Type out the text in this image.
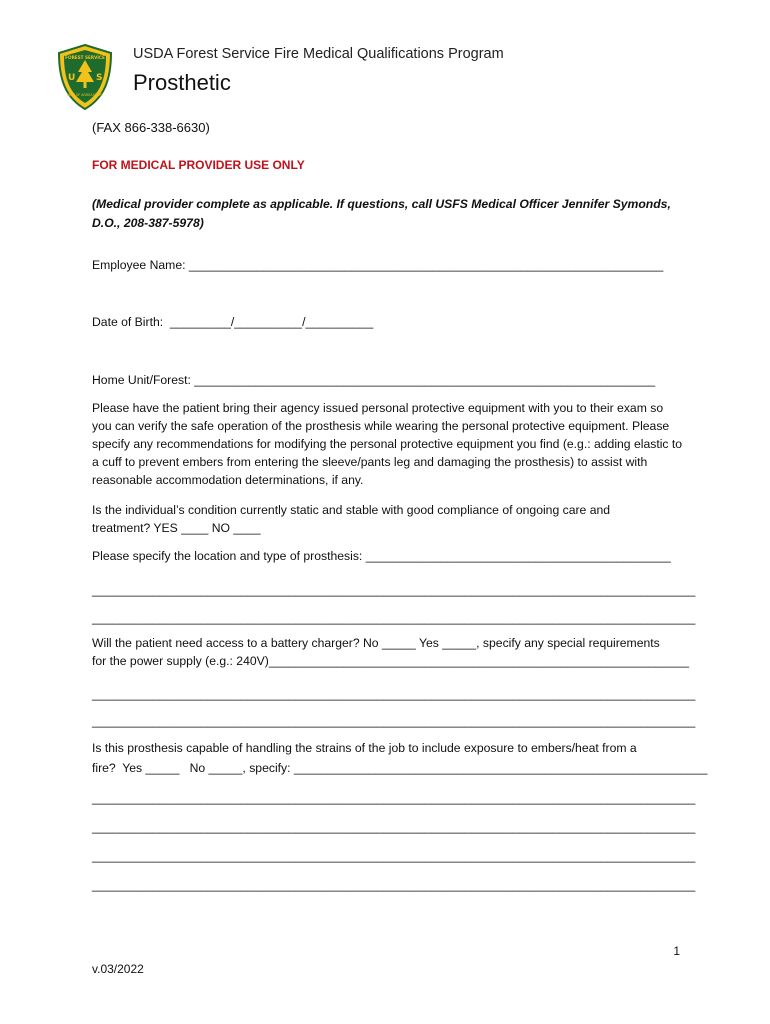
U S
FOREST SERVICE
DEPT OF AGRICULTURE
USDA Forest Service Fire Medical Qualifications Program
Prosthetic
(FAX 866-338-6630)
FOR MEDICAL PROVIDER USE ONLY
(Medical provider complete as applicable. If questions, call USFS Medical Officer Jennifer Symonds, D.O., 208-387-5978)
Employee Name: ______________________________________________________________________
Date of Birth:  _________/__________/__________
Home Unit/Forest: ____________________________________________________________________
Please have the patient bring their agency issued personal protective equipment with you to their exam so you can verify the safe operation of the prosthesis while wearing the personal protective equipment. Please specify any recommendations for modifying the personal protective equipment you find (e.g.: adding elastic to a cuff to prevent embers from entering the sleeve/pants leg and damaging the prosthesis) to assist with reasonable accommodation determinations, if any.
Is the individual’s condition currently static and stable with good compliance of ongoing care and treatment? YES ____ NO ____
Please specify the location and type of prosthesis: _____________________________________________
_________________________________________________________________________________________
_________________________________________________________________________________________
Will the patient need access to a battery charger? No _____ Yes _____, specify any special requirements
for the power supply (e.g.: 240V)______________________________________________________________
_________________________________________________________________________________________
_________________________________________________________________________________________
Is this prosthesis capable of handling the strains of the job to include exposure to embers/heat from a
fire?  Yes _____   No _____, specify: _____________________________________________________________
_________________________________________________________________________________________
_________________________________________________________________________________________
_________________________________________________________________________________________
_________________________________________________________________________________________
1
v.03/2022
